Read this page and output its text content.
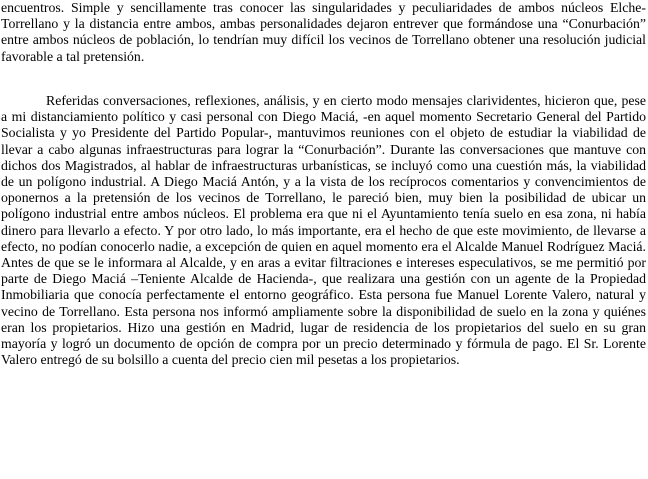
encuentros. Simple y sencillamente tras conocer las singularidades y peculiaridades de ambos núcleos Elche-Torrellano y la distancia entre ambos, ambas personalidades dejaron entrever que formándose una “Conurbación” entre ambos núcleos de población, lo tendrían muy difícil los vecinos de Torrellano obtener una resolución judicial favorable a tal pretensión.

Referidas conversaciones, reflexiones, análisis, y en cierto modo mensajes clarividentes, hicieron que, pese a mi distanciamiento político y casi personal con Diego Maciá, -en aquel momento Secretario General del Partido Socialista y yo Presidente del Partido Popular-, mantuvimos reuniones con el objeto de estudiar la viabilidad de llevar a cabo algunas infraestructuras para lograr la “Conurbación”. Durante las conversaciones que mantuve con dichos dos Magistrados, al hablar de infraestructuras urbanísticas, se incluyó como una cuestión más, la viabilidad de un polígono industrial. A Diego Maciá Antón, y a la vista de los recíprocos comentarios y convencimientos de oponernos a la pretensión de los vecinos de Torrellano, le pareció bien, muy bien la posibilidad de ubicar un polígono industrial entre ambos núcleos. El problema era que ni el Ayuntamiento tenía suelo en esa zona, ni había dinero para llevarlo a efecto. Y por otro lado, lo más importante, era el hecho de que este movimiento, de llevarse a efecto, no podían conocerlo nadie, a excepción de quien en aquel momento era el Alcalde Manuel Rodríguez Maciá. Antes de que se le informara al Alcalde, y en aras a evitar filtraciones e intereses especulativos, se me permitió por parte de Diego Maciá –Teniente Alcalde de Hacienda-, que realizara una gestión con un agente de la Propiedad Inmobiliaria que conocía perfectamente el entorno geográfico. Esta persona fue Manuel Lorente Valero, natural y vecino de Torrellano. Esta persona nos informó ampliamente sobre la disponibilidad de suelo en la zona y quiénes eran los propietarios. Hizo una gestión en Madrid, lugar de residencia de los propietarios del suelo en su gran mayoría y logró un documento de opción de compra por un precio determinado y fórmula de pago. El Sr. Lorente Valero entregó de su bolsillo a cuenta del precio cien mil pesetas a los propietarios.
